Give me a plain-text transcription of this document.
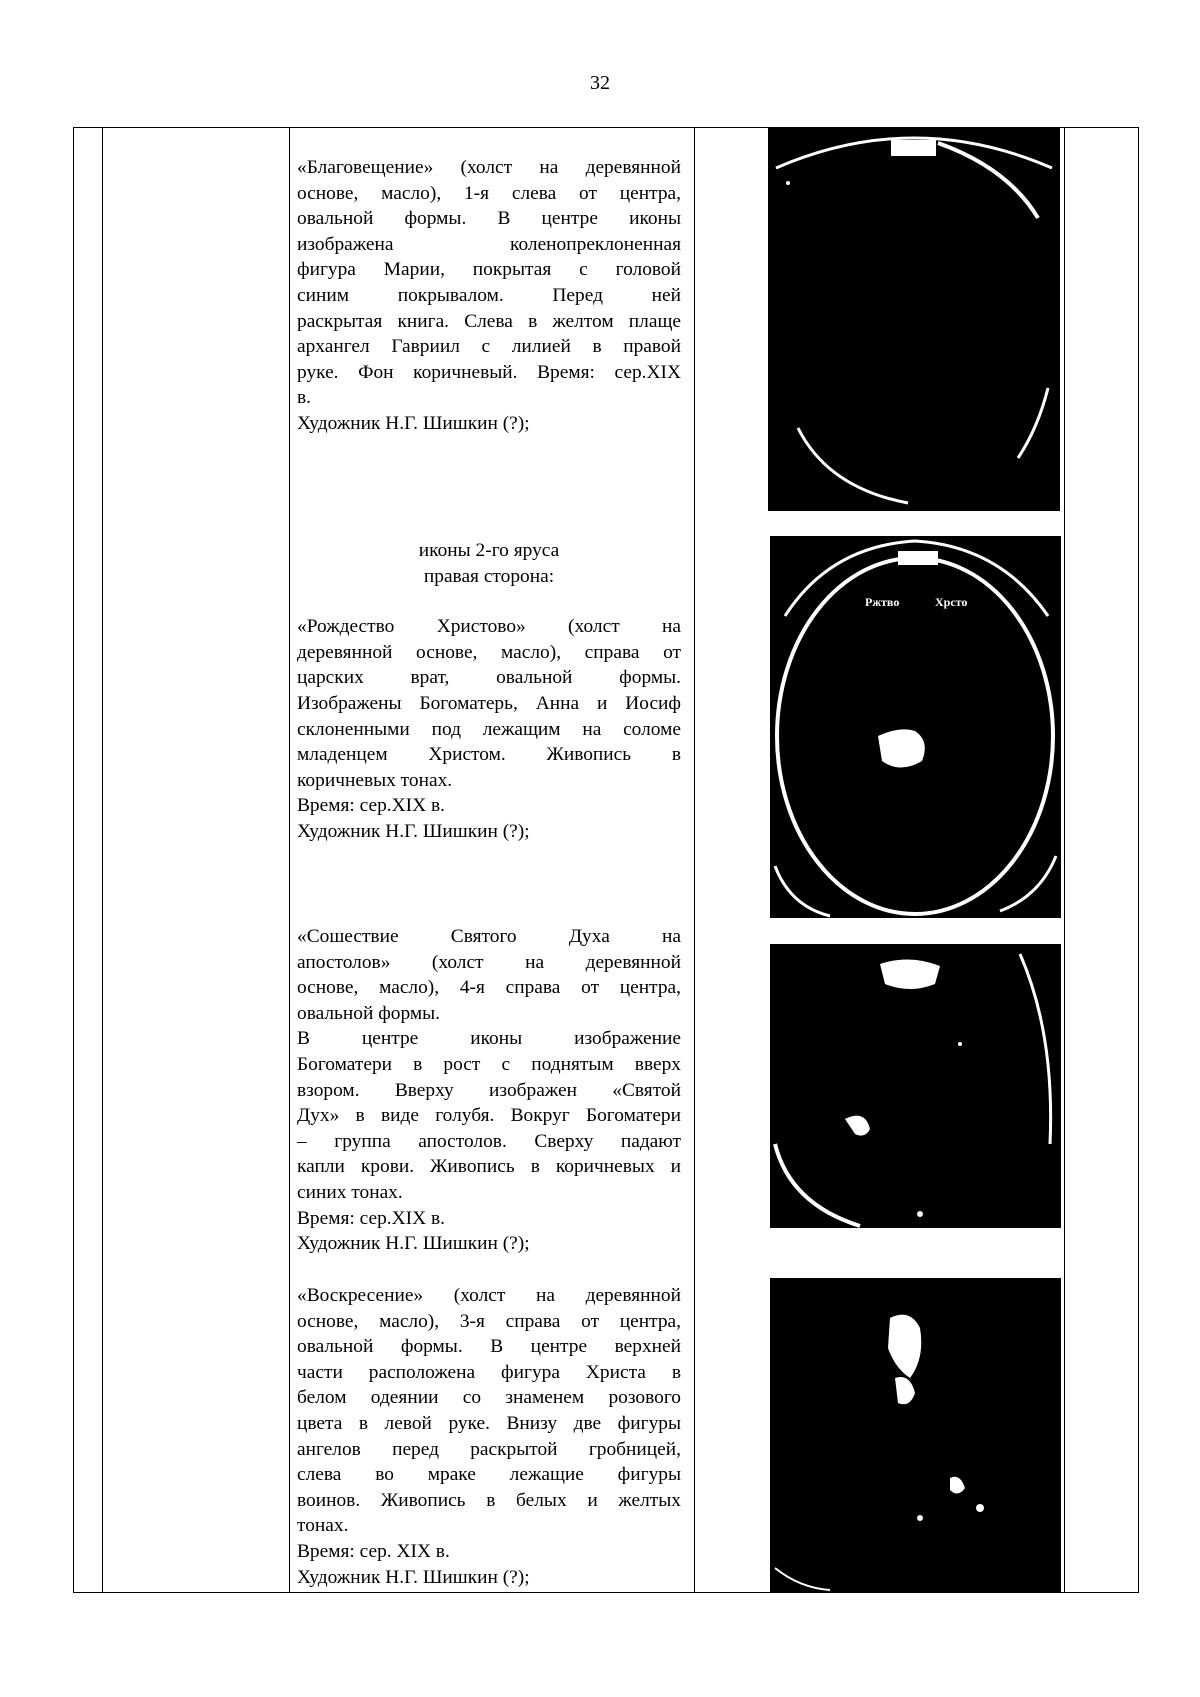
32

«Благовещение» (холст на деревянной

основе, масло), 1-я слева от центра,

овальной формы. В центре иконы

изображена коленопреклоненная

фигура Марии, покрытая с головой

синим покрывалом. Перед ней

раскрытая книга. Слева в желтом плаще

архангел Гавриил с лилией в правой

руке. Фон коричневый. Время: сер.XIX

в.

Художник Н.Г. Шишкин (?);

иконы 2-го яруса

правая сторона:

«Рождество Христово» (холст на

деревянной основе, масло), справа от

царских врат, овальной формы.

Изображены Богоматерь, Анна и Иосиф

склоненными под лежащим на соломе

младенцем Христом. Живопись в

коричневых тонах.

Время: сер.XIX в.

Художник Н.Г. Шишкин (?);

«Сошествие Святого Духа на

апостолов» (холст на деревянной

основе, масло), 4-я справа от центра,

овальной формы.

В центре иконы изображение

Богоматери в рост с поднятым вверх

взором. Вверху изображен «Святой

Дух» в виде голубя. Вокруг Богоматери

– группа апостолов. Сверху падают

капли крови. Живопись в коричневых и

синих тонах.

Время: сер.XIX в.

Художник Н.Г. Шишкин (?);

«Воскресение» (холст на деревянной

основе, масло), 3-я справа от центра,

овальной формы. В центре верхней

части расположена фигура Христа в

белом одеянии со знаменем розового

цвета в левой руке. Внизу две фигуры

ангелов перед раскрытой гробницей,

слева во мраке лежащие фигуры

воинов. Живопись в белых и желтых

тонах.

Время: сер. XIX в.

Художник Н.Г. Шишкин (?);

Ржтво	Хрсто
